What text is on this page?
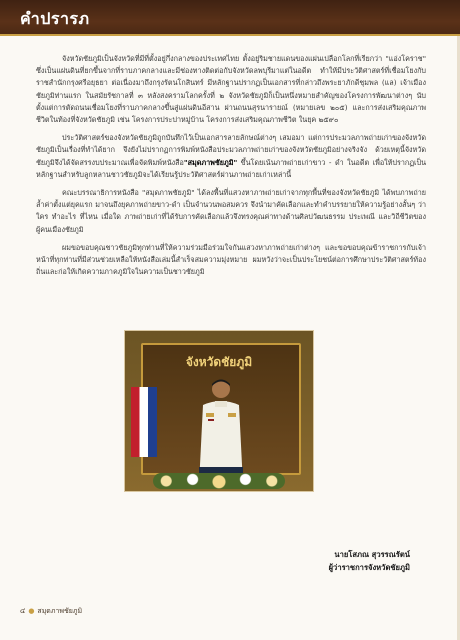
คำปรารภ

จังหวัดชัยภูมิเป็นจังหวัดที่มีที่ตั้งอยู่กึ่งกลางของประเทศไทย ตั้งอยู่ริมชายแดนของแผ่นเปลือกโลกที่เรียกว่า "แอ่งโคราช" ซึ่งเป็นแผ่นดินที่ยกขึ้นจากที่ราบภาคกลางและมีช่องทางติดต่อกับจังหวัดลพบุรีมาแต่ในอดีต ทำให้มีประวัติศาสตร์ที่เชื่อมโยงกับราชสำนักกรุงศรีอยุธยา ต่อเนื่องมาถึงกรุงรัตนโกสินทร์ มีหลักฐานปรากฏเป็นเอกสารที่กล่าวถึงพระยาภักดีชุมพล (แล) เจ้าเมืองชัยภูมิท่านแรก ในสมัยรัชกาลที่ ๓ หลังสงครามโลกครั้งที่ ๒ จังหวัดชัยภูมิก็เป็นหนึ่งหมายสำคัญของโครงการพัฒนาต่างๆ นับตั้งแต่การตัดถนนเชื่อมโยงที่ราบภาคกลางขึ้นสู่แผ่นดินอีสาน ผ่านถนนสุรนารายณ์ (หมายเลข ๒๐๕) และการส่งเสริมคุณภาพชีวิตในท้องที่จังหวัดชัยภูมิ เช่น โครงการประปาหมู่บ้าน โครงการส่งเสริมคุณภาพชีวิต ในยุค ๒๕๙๐

ประวัติศาสตร์ของจังหวัดชัยภูมิถูกบันทึกไว้เป็นเอกสารลายลักษณ์ต่างๆ เสมอมา แต่การประมวลภาพถ่ายเก่าของจังหวัดชัยภูมิเป็นเรื่องที่ทำได้ยาก จึงยังไม่ปรากฏการพิมพ์หนังสือประมวลภาพถ่ายเก่าของจังหวัดชัยภูมิอย่างจริงจัง ด้วยเหตุนี้จังหวัดชัยภูมิจึงได้จัดสรรงบประมาณเพื่อจัดพิมพ์หนังสือ"สมุดภาพชัยภูมิ" ขึ้นโดยเน้นภาพถ่ายเก่าขาว - ดำ ในอดีต เพื่อให้ปรากฏเป็นหลักฐานสำหรับลูกหลานชาวชัยภูมิจะได้เรียนรู้ประวัติศาสตร์ผ่านภาพถ่ายเก่าเหล่านี้

คณะบรรณาธิการหนังสือ "สมุดภาพชัยภูมิ" ได้ลงพื้นที่แสวงหาภาพถ่ายเก่าจากทุกพื้นที่ของจังหวัดชัยภูมิ ได้พบภาพถ่ายล้ำค่าตั้งแต่ยุคแรก มาจนถึงยุคภาพถ่ายขาว-ดำ เป็นจำนวนพอสมควร จึงนำมาคัดเลือกและทำคำบรรยายให้ความรู้อย่างสั้นๆ ว่าใคร ทำอะไร ที่ไหน เมื่อใด ภาพถ่ายเก่าที่ได้รับการคัดเลือกแล้วจึงทรงคุณค่าทางด้านศิลปวัฒนธรรม ประเพณี และวิถีชีวิตของผู้คนเมืองชัยภูมิ

ผมขอขอบคุณชาวชัยภูมิทุกท่านที่ให้ความร่วมมือร่วมใจกันแสวงหาภาพถ่ายเก่าต่างๆ และขอขอบคุณข้าราชการกับเจ้าหน้าที่ทุกท่านที่มีส่วนช่วยเหลือให้หนังสือเล่มนี้สำเร็จสมความมุ่งหมาย ผมหวังว่าจะเป็นประโยชน์ต่อการศึกษาประวัติศาสตร์ท้องถิ่นและก่อให้เกิดความภาคภูมิใจในความเป็นชาวชัยภูมิ

จังหวัดชัยภูมิ
นายโสภณ สุวรรณรัตน์
ผู้ว่าราชการจังหวัดชัยภูมิ
๔ ● สมุดภาพชัยภูมิ
